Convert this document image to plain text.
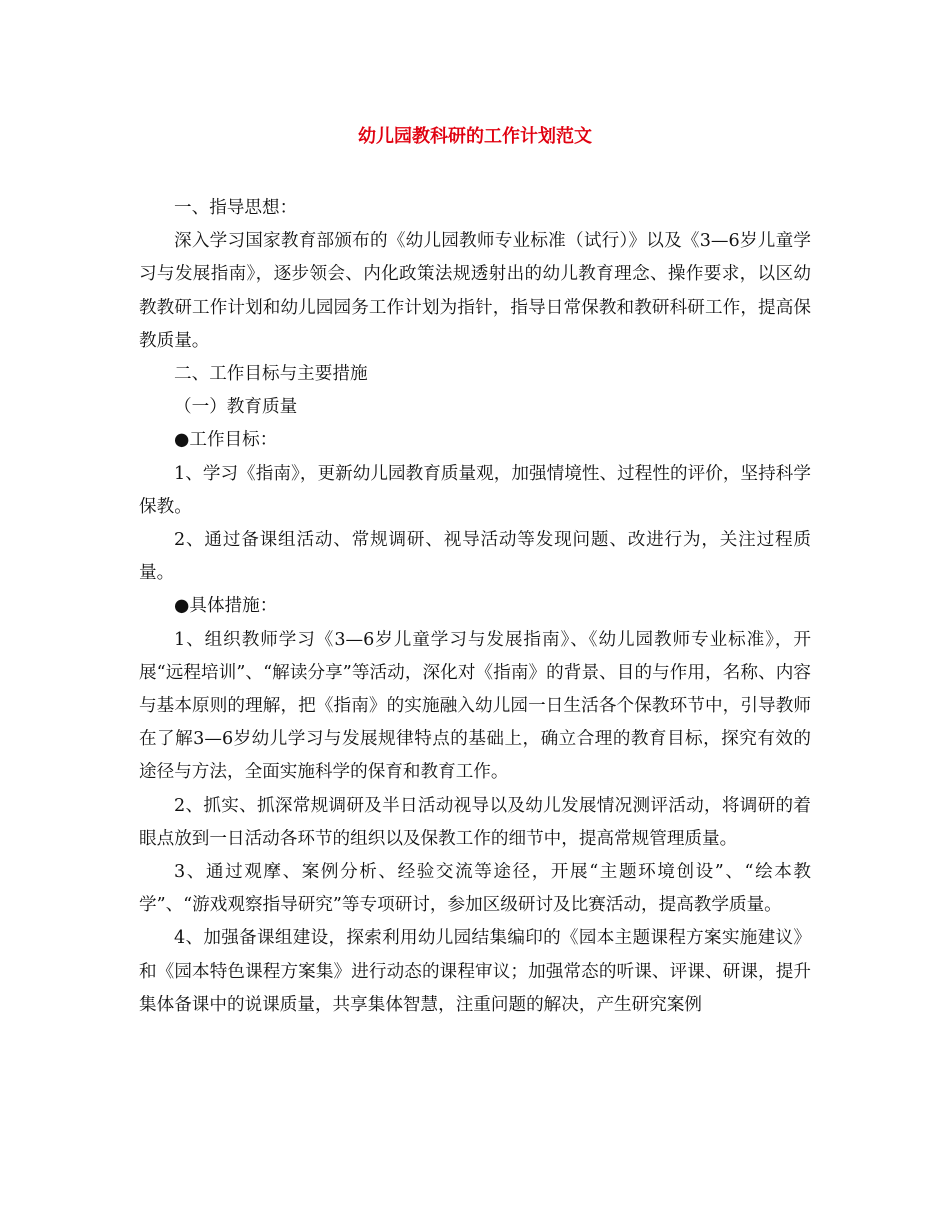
幼儿园教科研的工作计划范文

一、指导思想：

深入学习国家教育部颁布的《幼儿园教师专业标准（试行）》以及《3—6岁儿童学习与发展指南》，逐步领会、内化政策法规透射出的幼儿教育理念、操作要求，以区幼教教研工作计划和幼儿园园务工作计划为指针，指导日常保教和教研科研工作，提高保教质量。

二、工作目标与主要措施

（一）教育质量

●工作目标：

1、学习《指南》，更新幼儿园教育质量观，加强情境性、过程性的评价，坚持科学保教。

2、通过备课组活动、常规调研、视导活动等发现问题、改进行为，关注过程质量。

●具体措施：

1、组织教师学习《3—6岁儿童学习与发展指南》、《幼儿园教师专业标准》，开展“远程培训”、“解读分享”等活动，深化对《指南》的背景、目的与作用，名称、内容与基本原则的理解，把《指南》的实施融入幼儿园一日生活各个保教环节中，引导教师在了解3—6岁幼儿学习与发展规律特点的基础上，确立合理的教育目标，探究有效的途径与方法，全面实施科学的保育和教育工作。

2、抓实、抓深常规调研及半日活动视导以及幼儿发展情况测评活动，将调研的着眼点放到一日活动各环节的组织以及保教工作的细节中，提高常规管理质量。

3、通过观摩、案例分析、经验交流等途径，开展“主题环境创设”、“绘本教学”、“游戏观察指导研究”等专项研讨，参加区级研讨及比赛活动，提高教学质量。

4、加强备课组建设，探索利用幼儿园结集编印的《园本主题课程方案实施建议》和《园本特色课程方案集》进行动态的课程审议；加强常态的听课、评课、研课，提升集体备课中的说课质量，共享集体智慧，注重问题的解决，产生研究案例
